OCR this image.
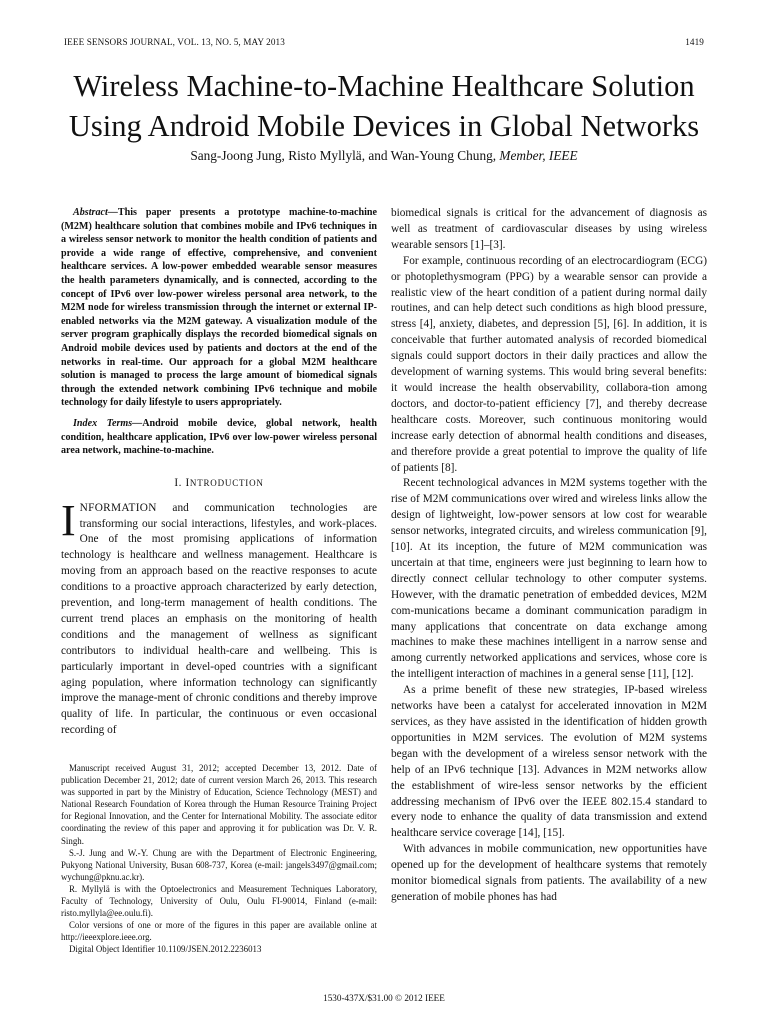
IEEE SENSORS JOURNAL, VOL. 13, NO. 5, MAY 2013	1419
Wireless Machine-to-Machine Healthcare Solution
Using Android Mobile Devices in Global Networks
Sang-Joong Jung, Risto Myllylä, and Wan-Young Chung, Member, IEEE

Abstract—This paper presents a prototype machine-to-machine (M2M) healthcare solution that combines mobile and IPv6 techniques in a wireless sensor network to monitor the health condition of patients and provide a wide range of effective, comprehensive, and convenient healthcare services. A low-power embedded wearable sensor measures the health parameters dynamically, and is connected, according to the concept of IPv6 over low-power wireless personal area network, to the M2M node for wireless transmission through the internet or external IP-enabled networks via the M2M gateway. A visualization module of the server program graphically displays the recorded biomedical signals on Android mobile devices used by patients and doctors at the end of the networks in real-time. Our approach for a global M2M healthcare solution is managed to process the large amount of biomedical signals through the extended network combining IPv6 technique and mobile technology for daily lifestyle to users appropriately.

Index Terms—Android mobile device, global network, health condition, healthcare application, IPv6 over low-power wireless personal area network, machine-to-machine.

I. INTRODUCTION

INFORMATION and communication technologies are transforming our social interactions, lifestyles, and work-places. One of the most promising applications of information technology is healthcare and wellness management. Healthcare is moving from an approach based on the reactive responses to acute conditions to a proactive approach characterized by early detection, prevention, and long-term management of health conditions. The current trend places an emphasis on the monitoring of health conditions and the management of wellness as significant contributors to individual health-care and wellbeing. This is particularly important in devel-oped countries with a significant aging population, where information technology can significantly improve the manage-ment of chronic conditions and thereby improve quality of life. In particular, the continuous or even occasional recording of

Manuscript received August 31, 2012; accepted December 13, 2012. Date of publication December 21, 2012; date of current version March 26, 2013. This research was supported in part by the Ministry of Education, Science Technology (MEST) and National Research Foundation of Korea through the Human Resource Training Project for Regional Innovation, and the Center for International Mobility. The associate editor coordinating the review of this paper and approving it for publication was Dr. V. R. Singh.

S.-J. Jung and W.-Y. Chung are with the Department of Electronic Engineering, Pukyong National University, Busan 608-737, Korea (e-mail: jangels3497@gmail.com; wychung@pknu.ac.kr).

R. Myllylä is with the Optoelectronics and Measurement Techniques Laboratory, Faculty of Technology, University of Oulu, Oulu FI-90014, Finland (e-mail: risto.myllyla@ee.oulu.fi).

Color versions of one or more of the figures in this paper are available online at http://ieeexplore.ieee.org.

Digital Object Identifier 10.1109/JSEN.2012.2236013

biomedical signals is critical for the advancement of diagnosis as well as treatment of cardiovascular diseases by using wireless wearable sensors [1]–[3].

For example, continuous recording of an electrocardiogram (ECG) or photoplethysmogram (PPG) by a wearable sensor can provide a realistic view of the heart condition of a patient during normal daily routines, and can help detect such conditions as high blood pressure, stress [4], anxiety, diabetes, and depression [5], [6]. In addition, it is conceivable that further automated analysis of recorded biomedical signals could support doctors in their daily practices and allow the development of warning systems. This would bring several benefits: it would increase the health observability, collabora-tion among doctors, and doctor-to-patient efficiency [7], and thereby decrease healthcare costs. Moreover, such continuous monitoring would increase early detection of abnormal health conditions and diseases, and therefore provide a great potential to improve the quality of life of patients [8].

Recent technological advances in M2M systems together with the rise of M2M communications over wired and wireless links allow the design of lightweight, low-power sensors at low cost for wearable sensor networks, integrated circuits, and wireless communication [9], [10]. At its inception, the future of M2M communication was uncertain at that time, engineers were just beginning to learn how to directly connect cellular technology to other computer systems. However, with the dramatic penetration of embedded devices, M2M com-munications became a dominant communication paradigm in many applications that concentrate on data exchange among machines to make these machines intelligent in a narrow sense and among currently networked applications and services, whose core is the intelligent interaction of machines in a general sense [11], [12].

As a prime benefit of these new strategies, IP-based wireless networks have been a catalyst for accelerated innovation in M2M services, as they have assisted in the identification of hidden growth opportunities in M2M services. The evolution of M2M systems began with the development of a wireless sensor network with the help of an IPv6 technique [13]. Advances in M2M networks allow the establishment of wire-less sensor networks by the efficient addressing mechanism of IPv6 over the IEEE 802.15.4 standard to every node to enhance the quality of data transmission and extend healthcare service coverage [14], [15].

With advances in mobile communication, new opportunities have opened up for the development of healthcare systems that remotely monitor biomedical signals from patients. The availability of a new generation of mobile phones has had

1530-437X/$31.00 © 2012 IEEE
